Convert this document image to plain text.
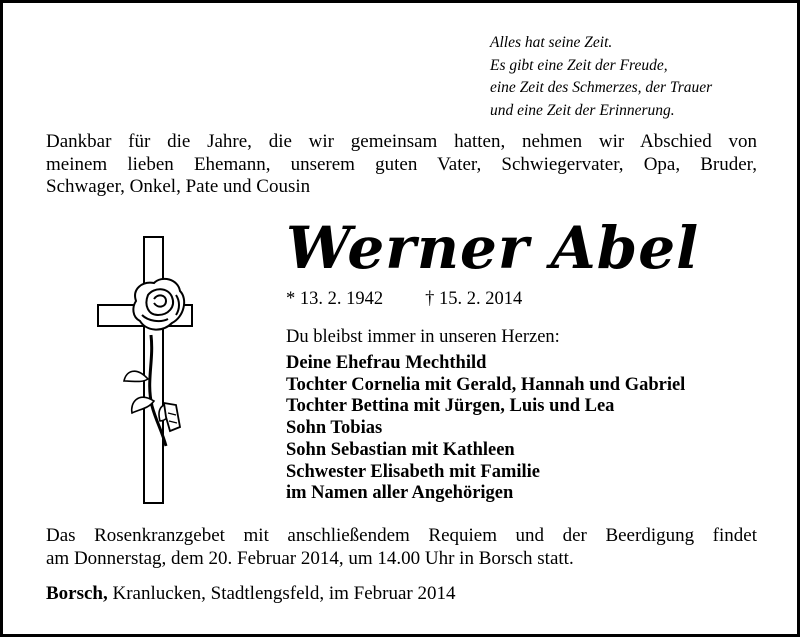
Alles hat seine Zeit.
Es gibt eine Zeit der Freude,
eine Zeit des Schmerzes, der Trauer
und eine Zeit der Erinnerung.
Dankbar für die Jahre, die wir gemeinsam hatten, nehmen wir Abschied von
meinem lieben Ehemann, unserem guten Vater, Schwiegervater, Opa, Bruder,
Schwager, Onkel, Pate und Cousin
Werner Abel
* 13. 2. 1942 † 15. 2. 2014
Du bleibst immer in unseren Herzen:
Deine Ehefrau Mechthild
Tochter Cornelia mit Gerald, Hannah und Gabriel
Tochter Bettina mit Jürgen, Luis und Lea
Sohn Tobias
Sohn Sebastian mit Kathleen
Schwester Elisabeth mit Familie
im Namen aller Angehörigen
Das Rosenkranzgebet mit anschließendem Requiem und der Beerdigung findet
am Donnerstag, dem 20. Februar 2014, um 14.00 Uhr in Borsch statt.
Borsch, Kranlucken, Stadtlengsfeld, im Februar 2014
